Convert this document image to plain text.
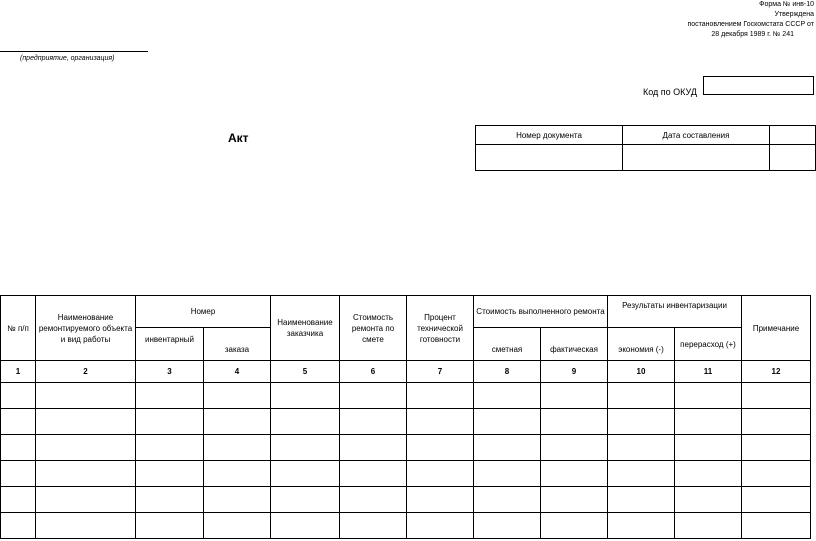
Форма № инв-10
Утверждена
постановлением Госкомстата СССР от
28 декабря 1989 г. № 241
(предприятие, организация)
Код по ОКУД
Акт	Номер документа	Дата составления	

№ п/п	Наименование ремонтируемого объекта и вид работы	Номер		Наименование заказчика	Стоимость ремонта по смете	Процент технической готовности	Стоимость выполненного ремонта		Результаты инвентаризации		Примечание
		инвентарный	заказа				сметная	фактическая	экономия (-)	перерасход (+)	
1	2	3	4	5	6	7	8	9	10	11	12
